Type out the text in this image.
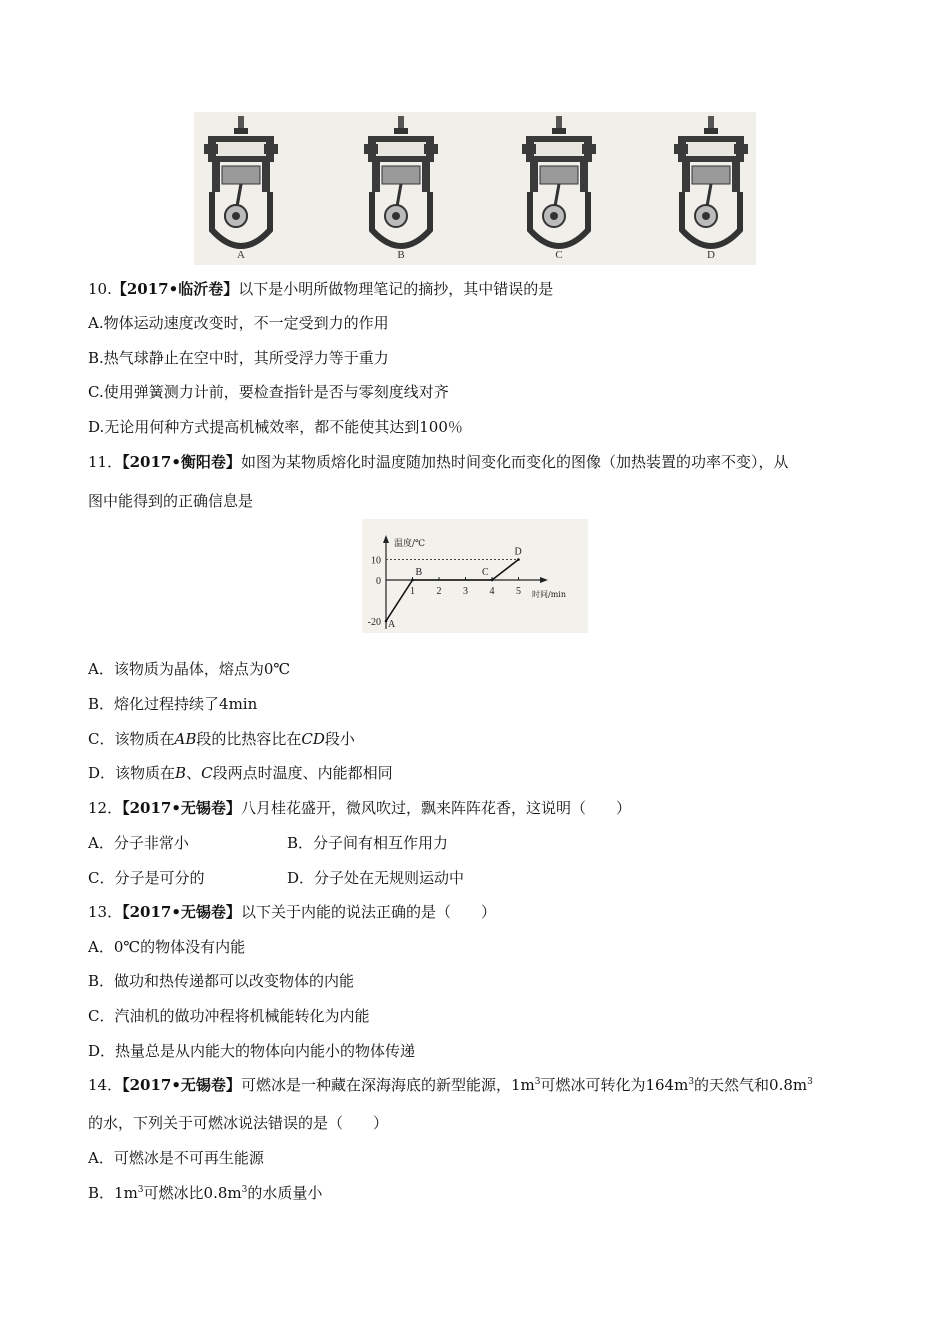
A	B	C	D
10.【2017•临沂卷】以下是小明所做物理笔记的摘抄，其中错误的是
A.物体运动速度改变时，不一定受到力的作用
B.热气球静止在空中时，其所受浮力等于重力
C.使用弹簧测力计前，要检查指针是否与零刻度线对齐
D.无论用何种方式提高机械效率，都不能使其达到100％
11．【2017•衡阳卷】如图为某物质熔化时温度随加热时间变化而变化的图像（加热装置的功率不变），从
图中能得到的正确信息是
温度/℃
时间/min
1 2 3 4 5
10
0
-20 A
B	C
D
A．该物质为晶体，熔点为0℃
B．熔化过程持续了4min
C．该物质在AB段的比热容比在CD段小
D．该物质在B、C段两点时温度、内能都相同
12．【2017•无锡卷】八月桂花盛开，微风吹过，飘来阵阵花香，这说明（　　）
A．分子非常小	B．分子间有相互作用力
C．分子是可分的	D．分子处在无规则运动中
13．【2017•无锡卷】以下关于内能的说法正确的是（　　）
A．0℃的物体没有内能
B．做功和热传递都可以改变物体的内能
C．汽油机的做功冲程将机械能转化为内能
D．热量总是从内能大的物体向内能小的物体传递
14．【2017•无锡卷】可燃冰是一种藏在深海海底的新型能源，$1m^3$可燃冰可转化为$164m^3$的天然气和$0.8m^3$
的水，下列关于可燃冰说法错误的是（　　）
A．可燃冰是不可再生能源
B．$1m^3$可燃冰比$0.8m^3$的水质量小
